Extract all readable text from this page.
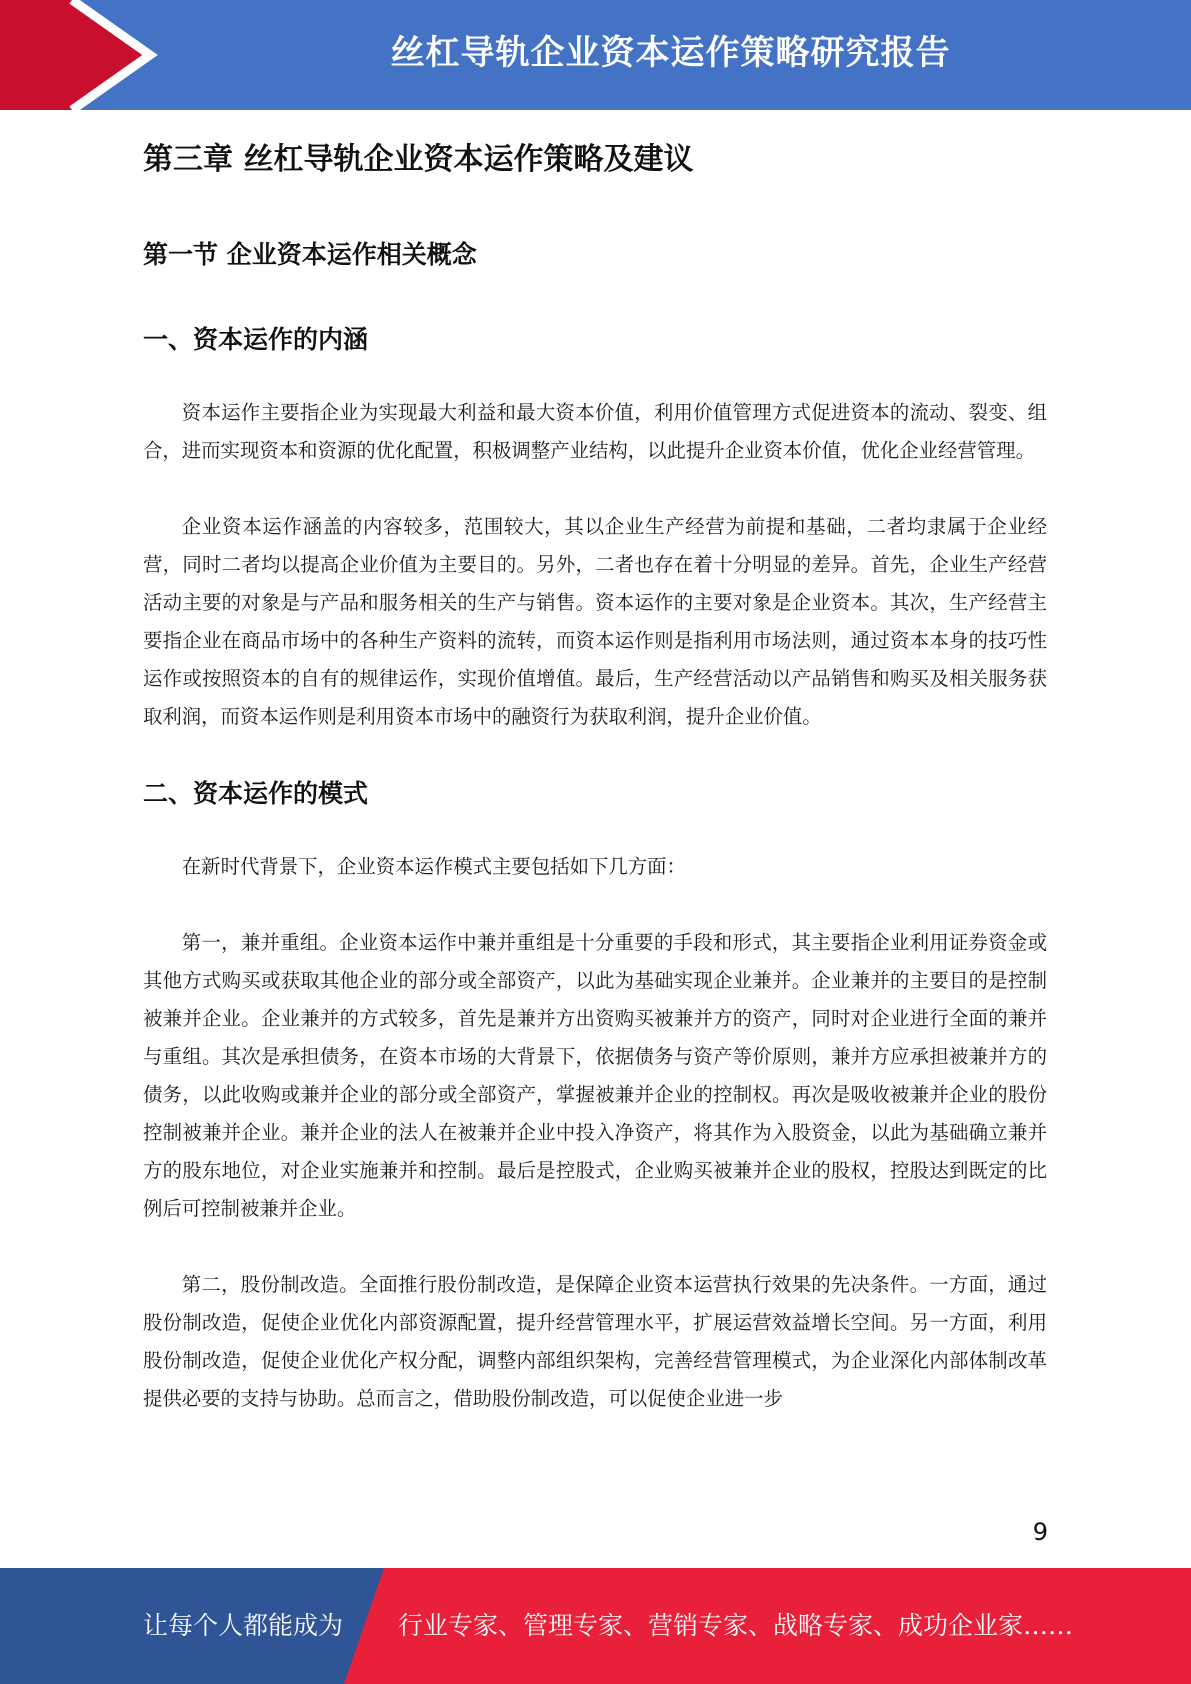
丝杠导轨企业资本运作策略研究报告
第三章 丝杠导轨企业资本运作策略及建议
第一节 企业资本运作相关概念
一、资本运作的内涵

资本运作主要指企业为实现最大利益和最大资本价值，利用价值管理方式促进资本的流动、裂变、组合，进而实现资本和资源的优化配置，积极调整产业结构，以此提升企业资本价值，优化企业经营管理。

企业资本运作涵盖的内容较多，范围较大，其以企业生产经营为前提和基础，二者均隶属于企业经营，同时二者均以提高企业价值为主要目的。另外，二者也存在着十分明显的差异。首先，企业生产经营活动主要的对象是与产品和服务相关的生产与销售。资本运作的主要对象是企业资本。其次，生产经营主要指企业在商品市场中的各种生产资料的流转，而资本运作则是指利用市场法则，通过资本本身的技巧性运作或按照资本的自有的规律运作，实现价值增值。最后，生产经营活动以产品销售和购买及相关服务获取利润，而资本运作则是利用资本市场中的融资行为获取利润，提升企业价值。

二、资本运作的模式

在新时代背景下，企业资本运作模式主要包括如下几方面：

第一，兼并重组。企业资本运作中兼并重组是十分重要的手段和形式，其主要指企业利用证券资金或其他方式购买或获取其他企业的部分或全部资产，以此为基础实现企业兼并。企业兼并的主要目的是控制被兼并企业。企业兼并的方式较多，首先是兼并方出资购买被兼并方的资产，同时对企业进行全面的兼并与重组。其次是承担债务，在资本市场的大背景下，依据债务与资产等价原则，兼并方应承担被兼并方的债务，以此收购或兼并企业的部分或全部资产，掌握被兼并企业的控制权。再次是吸收被兼并企业的股份控制被兼并企业。兼并企业的法人在被兼并企业中投入净资产，将其作为入股资金，以此为基础确立兼并方的股东地位，对企业实施兼并和控制。最后是控股式，企业购买被兼并企业的股权，控股达到既定的比例后可控制被兼并企业。

第二，股份制改造。全面推行股份制改造，是保障企业资本运营执行效果的先决条件。一方面，通过股份制改造，促使企业优化内部资源配置，提升经营管理水平，扩展运营效益增长空间。另一方面，利用股份制改造，促使企业优化产权分配，调整内部组织架构，完善经营管理模式，为企业深化内部体制改革提供必要的支持与协助。总而言之，借助股份制改造，可以促使企业进一步

9
让每个人都能成为 行业专家、管理专家、营销专家、战略专家、成功企业家……
